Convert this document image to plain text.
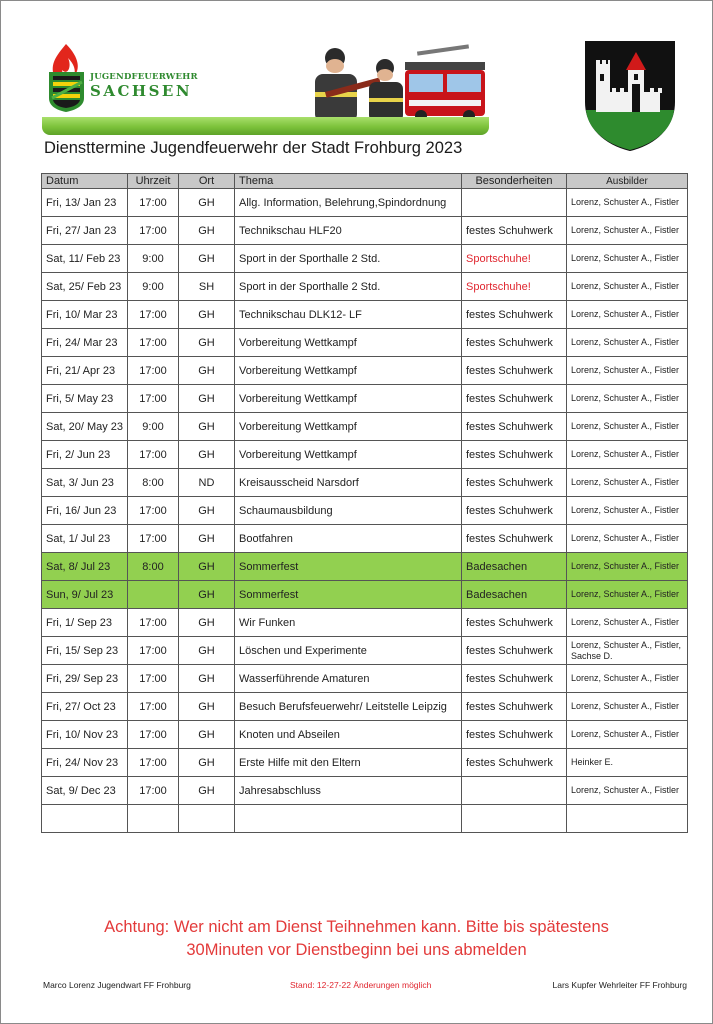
JUGENDFEUERWEHR
SACHSEN
Diensttermine Jugendfeuerwehr der Stadt Frohburg 2023
Datum	Uhrzeit	Ort	Thema	Besonderheiten	Ausbilder
Fri, 13/ Jan 23	17:00	GH	Allg. Information, Belehrung,Spindordnung		Lorenz, Schuster A., Fistler
Fri, 27/ Jan 23	17:00	GH	Technikschau HLF20	festes Schuhwerk	Lorenz, Schuster A., Fistler
Sat, 11/ Feb 23	9:00	GH	Sport in der Sporthalle 2 Std.	Sportschuhe!	Lorenz, Schuster A., Fistler
Sat, 25/ Feb 23	9:00	SH	Sport in der Sporthalle 2 Std.	Sportschuhe!	Lorenz, Schuster A., Fistler
Fri, 10/ Mar 23	17:00	GH	Technikschau DLK12- LF	festes Schuhwerk	Lorenz, Schuster A., Fistler
Fri, 24/ Mar 23	17:00	GH	Vorbereitung Wettkampf	festes Schuhwerk	Lorenz, Schuster A., Fistler
Fri, 21/ Apr 23	17:00	GH	Vorbereitung Wettkampf	festes Schuhwerk	Lorenz, Schuster A., Fistler
Fri, 5/ May 23	17:00	GH	Vorbereitung Wettkampf	festes Schuhwerk	Lorenz, Schuster A., Fistler
Sat, 20/ May 23	9:00	GH	Vorbereitung Wettkampf	festes Schuhwerk	Lorenz, Schuster A., Fistler
Fri, 2/ Jun 23	17:00	GH	Vorbereitung Wettkampf	festes Schuhwerk	Lorenz, Schuster A., Fistler
Sat, 3/ Jun 23	8:00	ND	Kreisausscheid Narsdorf	festes Schuhwerk	Lorenz, Schuster A., Fistler
Fri, 16/ Jun 23	17:00	GH	Schaumausbildung	festes Schuhwerk	Lorenz, Schuster A., Fistler
Sat, 1/ Jul 23	17:00	GH	Bootfahren	festes Schuhwerk	Lorenz, Schuster A., Fistler
Sat, 8/ Jul 23	8:00	GH	Sommerfest	Badesachen	Lorenz, Schuster A., Fistler
Sun, 9/ Jul 23		GH	Sommerfest	Badesachen	Lorenz, Schuster A., Fistler
Fri, 1/ Sep 23	17:00	GH	Wir Funken	festes Schuhwerk	Lorenz, Schuster A., Fistler
Fri, 15/ Sep 23	17:00	GH	Löschen und Experimente	festes Schuhwerk	Lorenz, Schuster A., Fistler, Sachse D.
Fri, 29/ Sep 23	17:00	GH	Wasserführende Amaturen	festes Schuhwerk	Lorenz, Schuster A., Fistler
Fri, 27/ Oct 23	17:00	GH	Besuch Berufsfeuerwehr/ Leitstelle Leipzig	festes Schuhwerk	Lorenz, Schuster A., Fistler
Fri, 10/ Nov 23	17:00	GH	Knoten und Abseilen	festes Schuhwerk	Lorenz, Schuster A., Fistler
Fri, 24/ Nov 23	17:00	GH	Erste Hilfe mit den Eltern	festes Schuhwerk	Heinker E.
Sat, 9/ Dec 23	17:00	GH	Jahresabschluss		Lorenz, Schuster A., Fistler

Achtung: Wer nicht am Dienst Teihnehmen kann. Bitte bis spätestens
30Minuten vor Dienstbeginn bei uns abmelden
Marco Lorenz Jugendwart FF Frohburg	Stand: 12-27-22 Änderungen möglich	Lars Kupfer Wehrleiter FF Frohburg
